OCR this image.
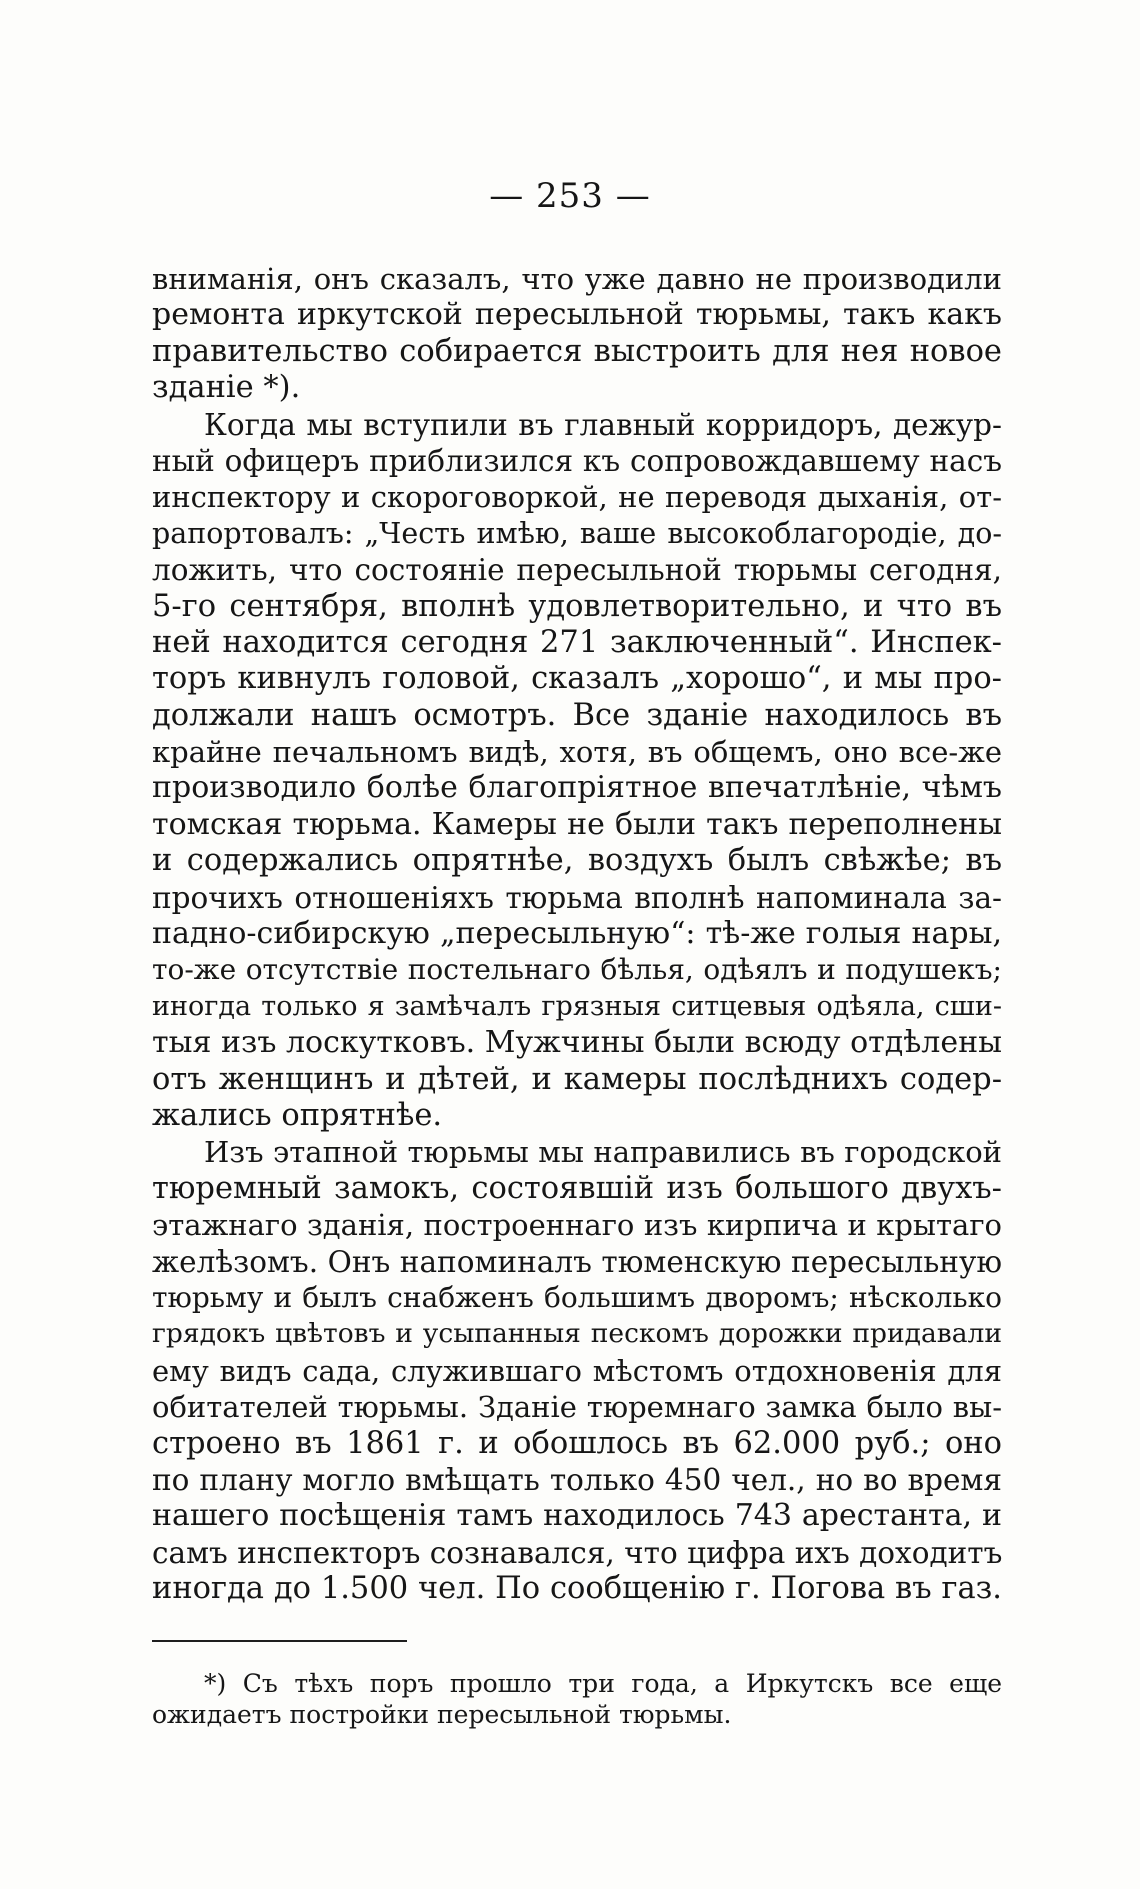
— 253 —

вниманія, онъ сказалъ, что уже давно не производили
ремонта иркутской пересыльной тюрьмы, такъ какъ
правительство собирается выстроить для нея новое
зданіе *).

Когда мы вступили въ главный корридоръ, дежур-
ный офицеръ приблизился къ сопровождавшему насъ
инспектору и скороговоркой, не переводя дыханія, от-
рапортовалъ: „Честь имѣю, ваше высокоблагородіе, до-
ложить, что состояніе пересыльной тюрьмы сегодня,
5-го сентября, вполнѣ удовлетворительно, и что въ
ней находится сегодня 271 заключенный“. Инспек-
торъ кивнулъ головой, сказалъ „хорошо“, и мы про-
должали нашъ осмотръ. Все зданіе находилось въ
крайне печальномъ видѣ, хотя, въ общемъ, оно все-же
производило болѣе благопріятное впечатлѣніе, чѣмъ
томская тюрьма. Камеры не были такъ переполнены
и содержались опрятнѣе, воздухъ былъ свѣжѣе; въ
прочихъ отношеніяхъ тюрьма вполнѣ напоминала за-
падно-сибирскую „пересыльную“: тѣ-же голыя нары,
то-же отсутствіе постельнаго бѣлья, одѣялъ и подушекъ;
иногда только я замѣчалъ грязныя ситцевыя одѣяла, сши-
тыя изъ лоскутковъ. Мужчины были всюду отдѣлены
отъ женщинъ и дѣтей, и камеры послѣднихъ содер-
жались опрятнѣе.

Изъ этапной тюрьмы мы направились въ городской
тюремный замокъ, состоявшій изъ большого двухъ-
этажнаго зданія, построеннаго изъ кирпича и крытаго
желѣзомъ. Онъ напоминалъ тюменскую пересыльную
тюрьму и былъ снабженъ большимъ дворомъ; нѣсколько
грядокъ цвѣтовъ и усыпанныя пескомъ дорожки придавали
ему видъ сада, служившаго мѣстомъ отдохновенія для
обитателей тюрьмы. Зданіе тюремнаго замка было вы-
строено въ 1861 г. и обошлось въ 62.000 руб.; оно
по плану могло вмѣщать только 450 чел., но во время
нашего посѣщенія тамъ находилось 743 арестанта, и
самъ инспекторъ сознавался, что цифра ихъ доходитъ
иногда до 1.500 чел. По сообщенію г. Погова въ газ.

*) Съ тѣхъ поръ прошло три года, а Иркутскъ все еще
ожидаетъ постройки пересыльной тюрьмы.
